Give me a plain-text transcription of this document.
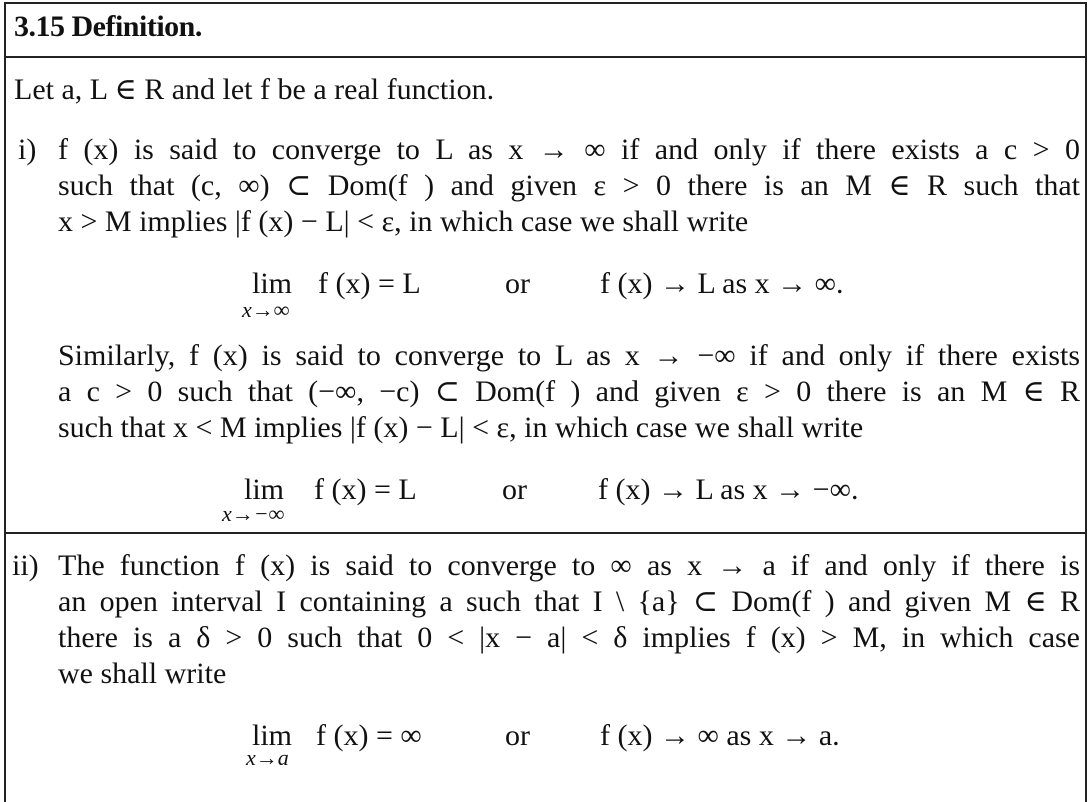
3.15 Definition.
Let a, L ∈ R and let f be a real function.
i) f (x) is said to converge to L as x → ∞ if and only if there exists a c > 0
such that (c, ∞) ⊂ Dom(f ) and given ε > 0 there is an M ∈ R such that
x > M implies |f (x) − L| < ε, in which case we shall write
lim f (x) = L
x→∞
or f (x) → L as x → ∞.
Similarly, f (x) is said to converge to L as x → −∞ if and only if there exists
a c > 0 such that (−∞, −c) ⊂ Dom(f ) and given ε > 0 there is an M ∈ R
such that x < M implies |f (x) − L| < ε, in which case we shall write
lim f (x) = L
x→−∞
or f (x) → L as x → −∞.
ii) The function f (x) is said to converge to ∞ as x → a if and only if there is
an open interval I containing a such that I \ {a} ⊂ Dom(f ) and given M ∈ R
there is a δ > 0 such that 0 < |x − a| < δ implies f (x) > M, in which case
we shall write
lim f (x) = ∞
x→a
or f (x) → ∞ as x → a.
